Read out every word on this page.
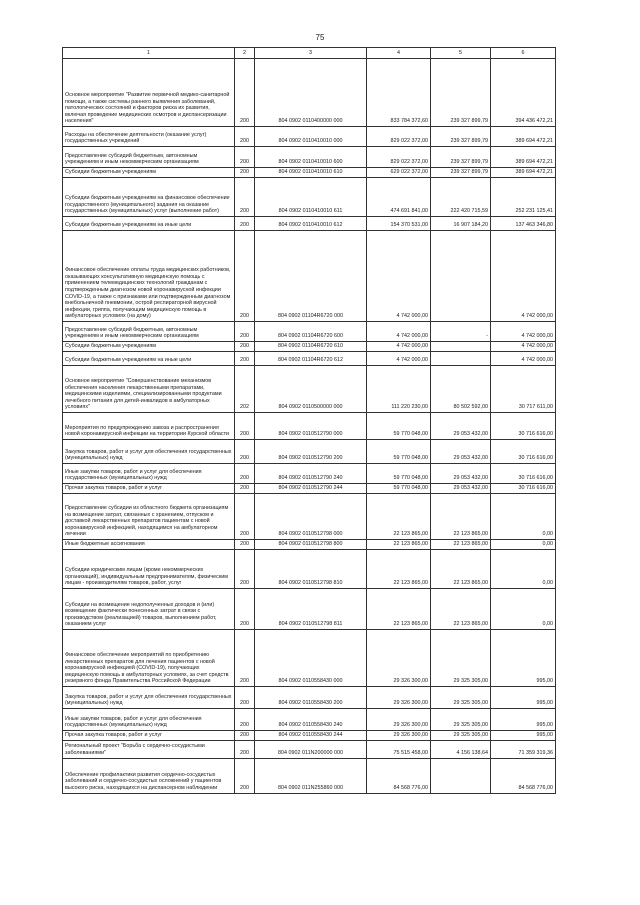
75
1	2	3	4	5	6
Основное мероприятие "Развитие первичной медико-санитарной помощи, а также системы раннего выявления заболеваний, патологических состояний и факторов риска их развития, включая проведение медицинских осмотров и диспансеризации населения"	200	804 0902 0110400000 000	833 784 372,60	239 327 899,79	394 436 472,21
Расходы на обеспечение деятельности (оказание услуг) государственных учреждений	200	804 0902 0110410010 000	829 022 372,00	239 327 899,79	389 694 472,21
Предоставление субсидий бюджетным, автономным учреждениям и иным некоммерческим организациям	200	804 0902 0110410010 600	829 022 372,00	239 327 899,79	389 694 472,21
Субсидии бюджетным учреждениям	200	804 0902 0110410010 610	629 022 372,00	239 327 899,79	389 694 472,21
Субсидии бюджетным учреждениям на финансовое обеспечение государственного (муниципального) задания на оказание государственных (муниципальных) услуг (выполнение работ)	200	804 0902 0110410010 611	474 691 841,00	222 420 715,59	252 231 125,41
Субсидии бюджетным учреждениям на иные цели	200	804 0902 0110410010 612	154 370 531,00	16 907 184,20	137 463 346,80
Финансовое обеспечение оплаты труда медицинских работников, оказывающих консультативную медицинскую помощь с применением телемедицинских технологий гражданам с подтвержденным диагнозом новой коронавирусной инфекции COVID-19, а также с признаками или подтвержденным диагнозом внебольничной пневмонии, острой респираторной вирусной инфекции, гриппа, получающим медицинскую помощь в амбулаторных условиях (на дому)	200	804 0902 01104R6720 000	4 742 000,00		4 742 000,00
Предоставление субсидий бюджетным, автономным учреждениям и иным некоммерческим организациям	200	804 0902 01104R6720 600	4 742 000,00	-	4 742 000,00
Субсидии бюджетным учреждениям	200	804 0902 01104R6720 610	4 742 000,00		4 742 000,00
Субсидии бюджетным учреждениям на иные цели	200	804 0902 01104R6720 612	4 742 000,00		4 742 000,00
Основное мероприятие "Совершенствование механизмов обеспечения населения лекарственными препаратами, медицинскими изделиями, специализированными продуктами лечебного питания для детей-инвалидов в амбулаторных условиях"	202	804 0902 0110500000 000	111 220 230,00	80 502 592,00	30 717 611,00
Мероприятия по предупреждению завоза и распространения новой коронавирусной инфекции на территории Курской области	200	804 0902 0110512790 000	59 770 048,00	29 053 432,00	30 716 616,00
Закупка товаров, работ и услуг для обеспечения государственных (муниципальных) нужд	200	804 0902 0110512790 200	59 770 048,00	29 053 432,00	30 716 616,00
Иные закупки товаров, работ и услуг для обеспечения государственных (муниципальных) нужд	200	804 0902 0110512790 240	59 770 048,00	29 053 432,00	30 716 616,00
Прочая закупка товаров, работ и услуг	200	804 0902 0110512790 244	59 770 048,00	29 053 432,00	30 716 616,00
Предоставление субсидии из областного бюджета организациям на возмещение затрат, связанных с хранением, отпуском и доставкой лекарственных препаратов пациентам с новой коронавирусной инфекцией, находящимся на амбулаторном лечении	200	804 0902 0110512798 000	22 123 865,00	22 123 865,00	0,00
Иные бюджетные ассигнования	200	804 0902 0110512798 800	22 123 865,00	22 123 865,00	0,00
Субсидии юридическим лицам (кроме некоммерческих организаций), индивидуальным предпринимателям, физическим лицам - производителям товаров, работ, услуг	200	804 0902 0110512798 810	22 123 865,00	22 123 865,00	0,00
Субсидии на возмещение недополученных доходов и (или) возмещение фактически понесенных затрат в связи с производством (реализацией) товаров, выполнением работ, оказанием услуг	200	804 0902 0110512798 811	22 123 865,00	22 123 865,00	0,00
Финансовое обеспечение мероприятий по приобретению лекарственных препаратов для лечения пациентов с новой коронавирусной инфекцией (COVID-19), получающих медицинскую помощь в амбулаторных условиях, за счет средств резервного фонда Правительства Российской Федерации	200	804 0902 0110558430 000	29 326 300,00	29 325 305,00	995,00
Закупка товаров, работ и услуг для обеспечения государственных (муниципальных) нужд	200	804 0902 0110558430 200	29 326 300,00	29 325 305,00	995,00
Иные закупки товаров, работ и услуг для обеспечения государственных (муниципальных) нужд	200	804 0902 0110558430 240	29 326 300,00	29 325 305,00	995,00
Прочая закупка товаров, работ и услуг	200	804 0902 0110558430 244	29 326 300,00	29 325 305,00	995,00
Региональный проект "Борьба с сердечно-сосудистыми заболеваниями"	200	804 0902 011N200000 000	75 515 458,00	4 156 138,64	71 359 319,36
Обеспечение профилактики развития сердечно-сосудистых заболеваний и сердечно-сосудистых осложнений у пациентов высокого риска, находящихся на диспансерном наблюдении	200	804 0902 011N255860 000	84 568 776,00		84 568 776,00
